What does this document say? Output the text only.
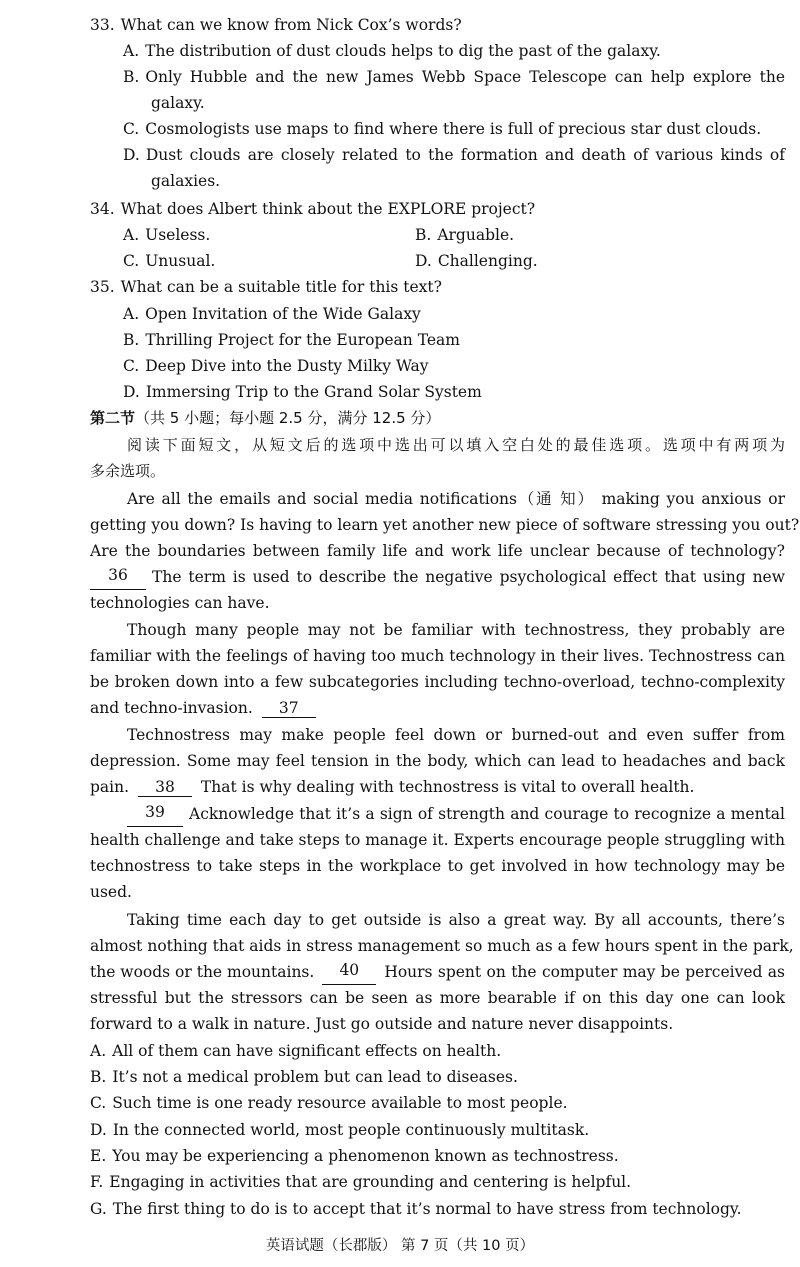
33. What can we know from Nick Cox’s words?
A. The distribution of dust clouds helps to dig the past of the galaxy.
B. Only Hubble and the new James Webb Space Telescope can help explore the
galaxy.
C. Cosmologists use maps to find where there is full of precious star dust clouds.
D. Dust clouds are closely related to the formation and death of various kinds of
galaxies.
34. What does Albert think about the EXPLORE project?
A. Useless.	B. Arguable.
C. Unusual.	D. Challenging.
35. What can be a suitable title for this text?
A. Open Invitation of the Wide Galaxy
B. Thrilling Project for the European Team
C. Deep Dive into the Dusty Milky Way
D. Immersing Trip to the Grand Solar System
第二节（共 5 小题；每小题 2.5 分，满分 12.5 分）
阅读下面短文，从短文后的选项中选出可以填入空白处的最佳选项。选项中有两项为
多余选项。
Are all the emails and social media notifications（通 知） making you anxious or
getting you down? Is having to learn yet another new piece of software stressing you out?
Are the boundaries between family life and work life unclear because of technology?
36	The term is used to describe the negative psychological effect that using new
technologies can have.
Though many people may not be familiar with technostress, they probably are
familiar with the feelings of having too much technology in their lives. Technostress can
be broken down into a few subcategories including techno-overload, techno-complexity
and techno-invasion. 37
Technostress may make people feel down or burned-out and even suffer from
depression. Some may feel tension in the body, which can lead to headaches and back
pain. 38 That is why dealing with technostress is vital to overall health.
39	Acknowledge that it’s a sign of strength and courage to recognize a mental
health challenge and take steps to manage it. Experts encourage people struggling with
technostress to take steps in the workplace to get involved in how technology may be
used.
Taking time each day to get outside is also a great way. By all accounts, there’s
almost nothing that aids in stress management so much as a few hours spent in the park,
the woods or the mountains.	40	Hours spent on the computer may be perceived as
stressful but the stressors can be seen as more bearable if on this day one can look
forward to a walk in nature. Just go outside and nature never disappoints.
A. All of them can have significant effects on health.
B. It’s not a medical problem but can lead to diseases.
C. Such time is one ready resource available to most people.
D. In the connected world, most people continuously multitask.
E. You may be experiencing a phenomenon known as technostress.
F. Engaging in activities that are grounding and centering is helpful.
G. The first thing to do is to accept that it’s normal to have stress from technology.
英语试题（长郡版） 第 7 页（共 10 页）
